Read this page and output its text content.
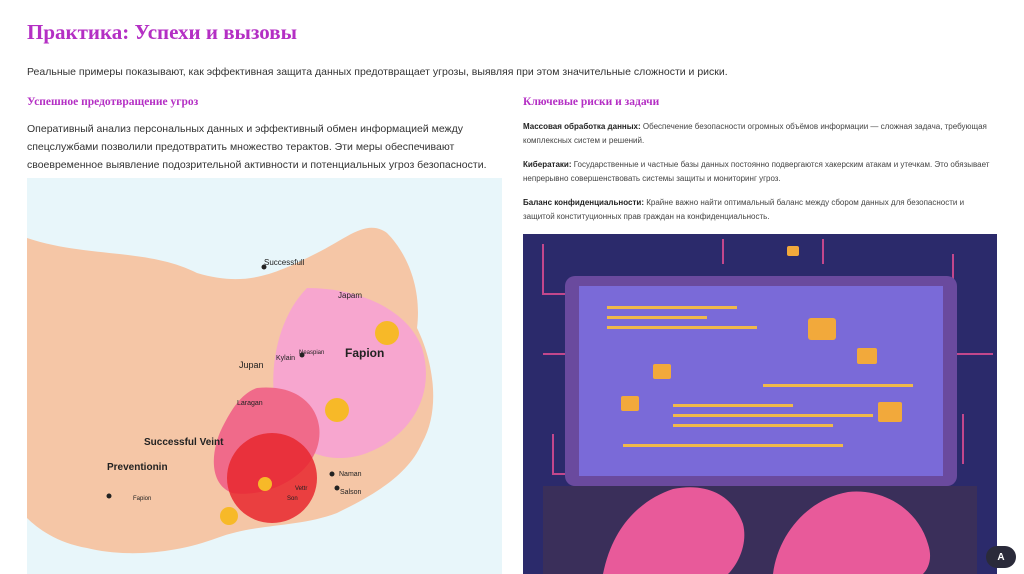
Практика: Успехи и вызовы
Реальные примеры показывают, как эффективная защита данных предотвращает угрозы, выявляя при этом значительные сложности и риски.
Успешное предотвращение угроз
Оперативный анализ персональных данных и эффективный обмен информацией между спецслужбами позволили предотвратить множество терактов. Эти меры обеспечивают своевременное выявление подозрительной активности и потенциальных угроз безопасности.
Ключевые риски и задачи

Массовая обработка данных: Обеспечение безопасности огромных объёмов информации — сложная задача, требующая комплексных систем и решений.

Кибератаки: Государственные и частные базы данных постоянно подвергаются хакерским атакам и утечкам. Это обязывает непрерывно совершенствовать системы защиты и мониторинг угроз.

Баланс конфиденциальности: Крайне важно найти оптимальный баланс между сбором данных для безопасности и защитой конституционных прав граждан на конфиденциальность.

Successfull
Japam
Fapion
Kylain
Neaspian
Jupan
Laragan
Successful Veint
Preventionin
Naman
Vettr
Son
Salson
Fapion
A
